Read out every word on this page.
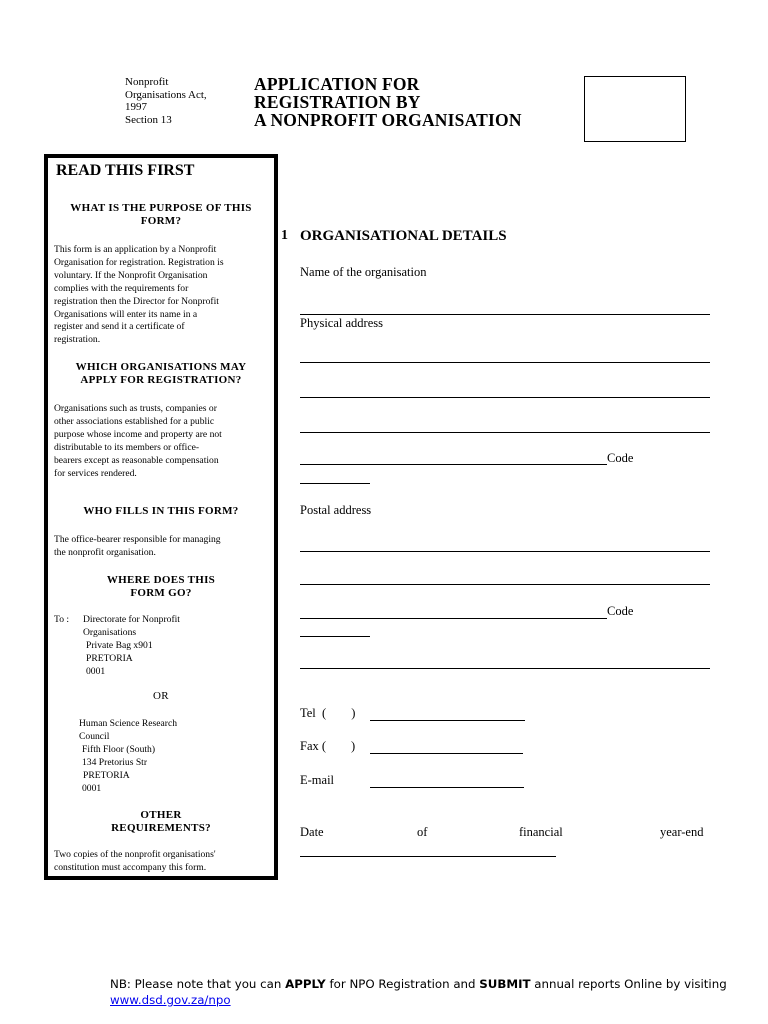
Nonprofit
Organisations Act,
1997
Section 13
APPLICATION FOR
REGISTRATION BY
A NONPROFIT ORGANISATION
READ THIS FIRST
WHAT IS THE PURPOSE OF THIS
FORM?
This form is an application by a Nonprofit
Organisation for registration. Registration is
voluntary. If the Nonprofit Organisation
complies with the requirements for
registration then the Director for Nonprofit
Organisations will enter its name in a
register and send it a certificate of
registration.
WHICH ORGANISATIONS MAY
APPLY FOR REGISTRATION?
Organisations such as trusts, companies or
other associations established for a public
purpose whose income and property are not
distributable to its members or office-
bearers except as reasonable compensation
for services rendered.
WHO FILLS IN THIS FORM?
The office-bearer responsible for managing
the nonprofit organisation.
WHERE DOES THIS
FORM GO?
To : Directorate for Nonprofit
Organisations
Private Bag x901
PRETORIA
0001
OR
Human Science Research
Council
Fifth Floor (South)
134 Pretorius Str
PRETORIA
0001
OTHER
REQUIREMENTS?
Two copies of the nonprofit organisations'
constitution must accompany this form.
1 ORGANISATIONAL DETAILS
Name of the organisation
Physical address
Code
Postal address
Code
Tel  (        )
Fax (        )
E-mail
Date	of	financial	year-end
NB: Please note that you can APPLY for NPO Registration and SUBMIT annual reports Online by visiting www.dsd.gov.za/npo
